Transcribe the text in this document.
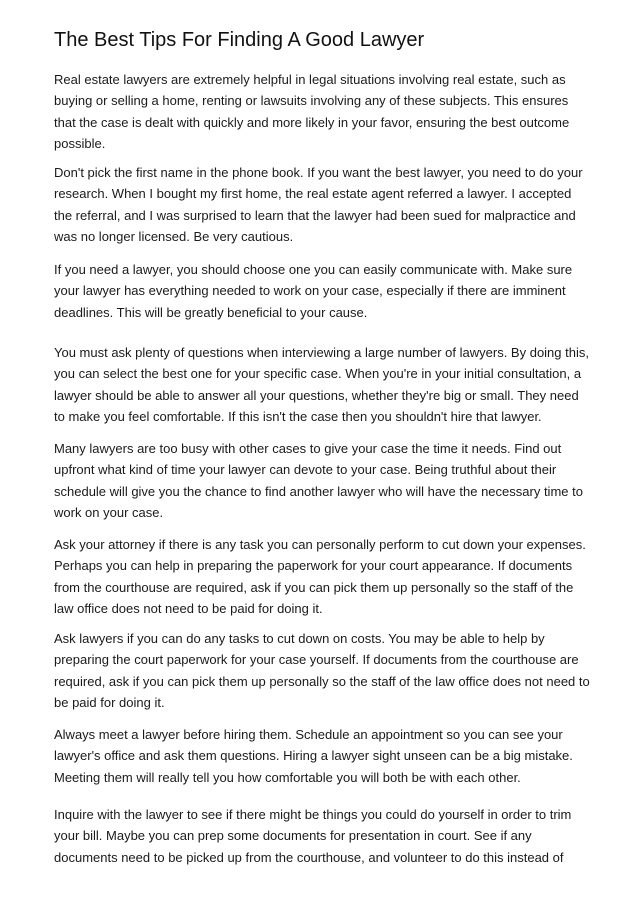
The Best Tips For Finding A Good Lawyer
Real estate lawyers are extremely helpful in legal situations involving real estate, such as
buying or selling a home, renting or lawsuits involving any of these subjects. This ensures
that the case is dealt with quickly and more likely in your favor, ensuring the best outcome
possible.
Don't pick the first name in the phone book. If you want the best lawyer, you need to do your
research. When I bought my first home, the real estate agent referred a lawyer. I accepted
the referral, and I was surprised to learn that the lawyer had been sued for malpractice and
was no longer licensed. Be very cautious.
If you need a lawyer, you should choose one you can easily communicate with. Make sure
your lawyer has everything needed to work on your case, especially if there are imminent
deadlines. This will be greatly beneficial to your cause.
You must ask plenty of questions when interviewing a large number of lawyers. By doing this,
you can select the best one for your specific case. When you're in your initial consultation, a
lawyer should be able to answer all your questions, whether they're big or small. They need
to make you feel comfortable. If this isn't the case then you shouldn't hire that lawyer.
Many lawyers are too busy with other cases to give your case the time it needs. Find out
upfront what kind of time your lawyer can devote to your case. Being truthful about their
schedule will give you the chance to find another lawyer who will have the necessary time to
work on your case.
Ask your attorney if there is any task you can personally perform to cut down your expenses.
Perhaps you can help in preparing the paperwork for your court appearance. If documents
from the courthouse are required, ask if you can pick them up personally so the staff of the
law office does not need to be paid for doing it.
Ask lawyers if you can do any tasks to cut down on costs. You may be able to help by
preparing the court paperwork for your case yourself. If documents from the courthouse are
required, ask if you can pick them up personally so the staff of the law office does not need to
be paid for doing it.
Always meet a lawyer before hiring them. Schedule an appointment so you can see your
lawyer's office and ask them questions. Hiring a lawyer sight unseen can be a big mistake.
Meeting them will really tell you how comfortable you will both be with each other.
Inquire with the lawyer to see if there might be things you could do yourself in order to trim
your bill. Maybe you can prep some documents for presentation in court. See if any
documents need to be picked up from the courthouse, and volunteer to do this instead of
